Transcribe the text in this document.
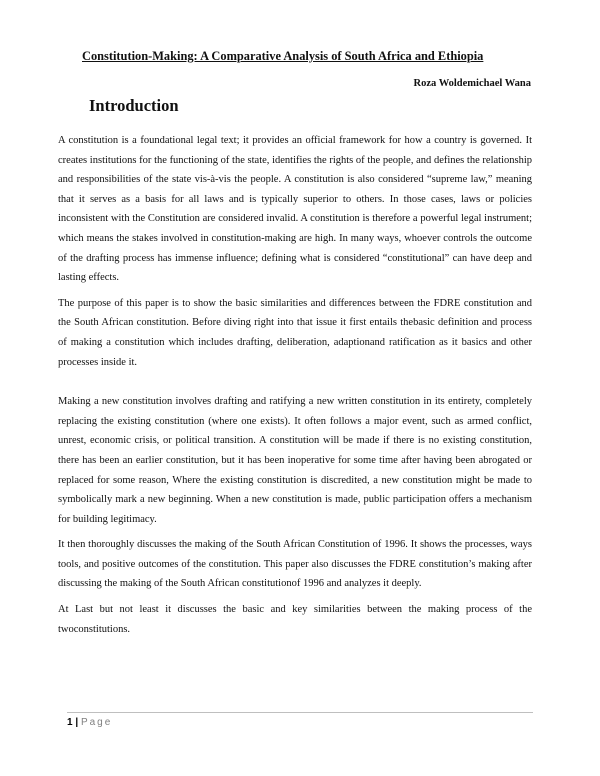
Constitution-Making: A Comparative Analysis of South Africa and Ethiopia
Roza Woldemichael Wana
Introduction

A constitution is a foundational legal text; it provides an official framework for how a country is governed. It creates institutions for the functioning of the state, identifies the rights of the people, and defines the relationship and responsibilities of the state vis-à-vis the people. A constitution is also considered “supreme law,” meaning that it serves as a basis for all laws and is typically superior to others. In those cases, laws or policies inconsistent with the Constitution are considered invalid. A constitution is therefore a powerful legal instrument; which means the stakes involved in constitution-making are high. In many ways, whoever controls the outcome of the drafting process has immense influence; defining what is considered “constitutional” can have deep and lasting effects.

The purpose of this paper is to show the basic similarities and differences between the FDRE constitution and the South African constitution. Before diving right into that issue it first entails thebasic definition and process of making a constitution which includes drafting, deliberation, adaptionand ratification as it basics and other processes inside it.

Making a new constitution involves drafting and ratifying a new written constitution in its entirety, completely replacing the existing constitution (where one exists). It often follows a major event, such as armed conflict, unrest, economic crisis, or political transition. A constitution will be made if there is no existing constitution, there has been an earlier constitution, but it has been inoperative for some time after having been abrogated or replaced for some reason, Where the existing constitution is discredited, a new constitution might be made to symbolically mark a new beginning. When a new constitution is made, public participation offers a mechanism for building legitimacy.

It then thoroughly discusses the making of the South African Constitution of 1996. It shows the processes, ways tools, and positive outcomes of the constitution. This paper also discusses the FDRE constitution’s making after discussing the making of the South African constitutionof 1996 and analyzes it deeply.

At Last but not least it discusses the basic and key similarities between the making process of the twoconstitutions.

1 | Page
